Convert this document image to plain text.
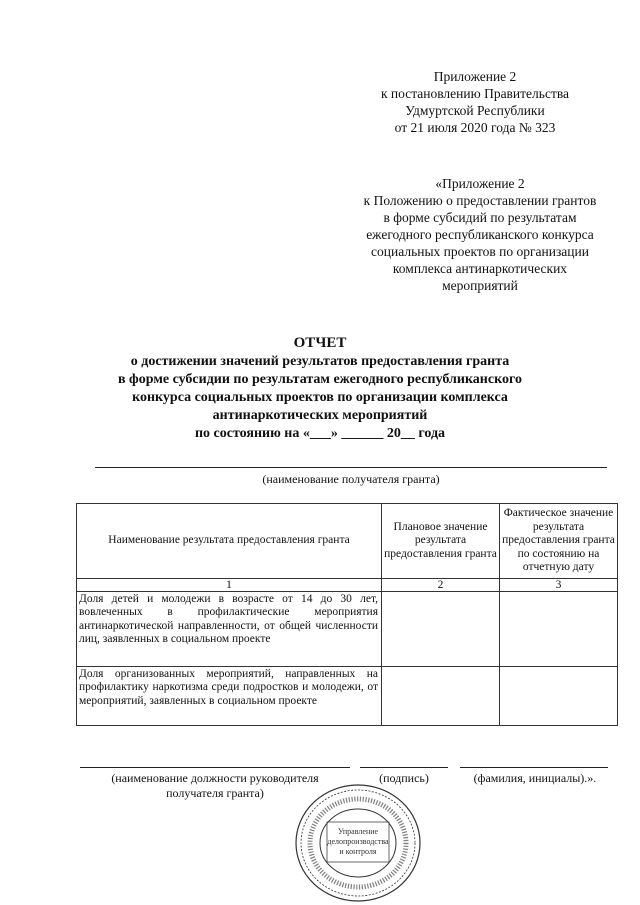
Приложение 2
к постановлению Правительства
Удмуртской Республики
от 21 июля 2020 года № 323
«Приложение 2
к Положению о предоставлении грантов
в форме субсидий по результатам
ежегодного республиканского конкурса
социальных проектов по организации
комплекса антинаркотических
мероприятий
ОТЧЕТ
о достижении значений результатов предоставления гранта
в форме субсидии по результатам ежегодного республиканского
конкурса социальных проектов по организации комплекса
антинаркотических мероприятий
по состоянию на «___» ______ 20__ года
(наименование получателя гранта)
Наименование результата предоставления гранта	Плановое значение результата предоставления гранта	Фактическое значение результата предоставления гранта по состоянию на отчетную дату
1	2	3
Доля детей и молодежи в возрасте от 14 до 30 лет, вовлеченных в профилактические мероприятия антинаркотической направленности, от общей численности лиц, заявленных в социальном проекте		
Доля организованных мероприятий, направленных на профилактику наркотизма среди подростков и молодежи, от мероприятий, заявленных в социальном проекте		
(наименование должности руководителя
получателя гранта)
(подпись)	(фамилия, инициалы).».
Управление
делопроизводства
и контроля
